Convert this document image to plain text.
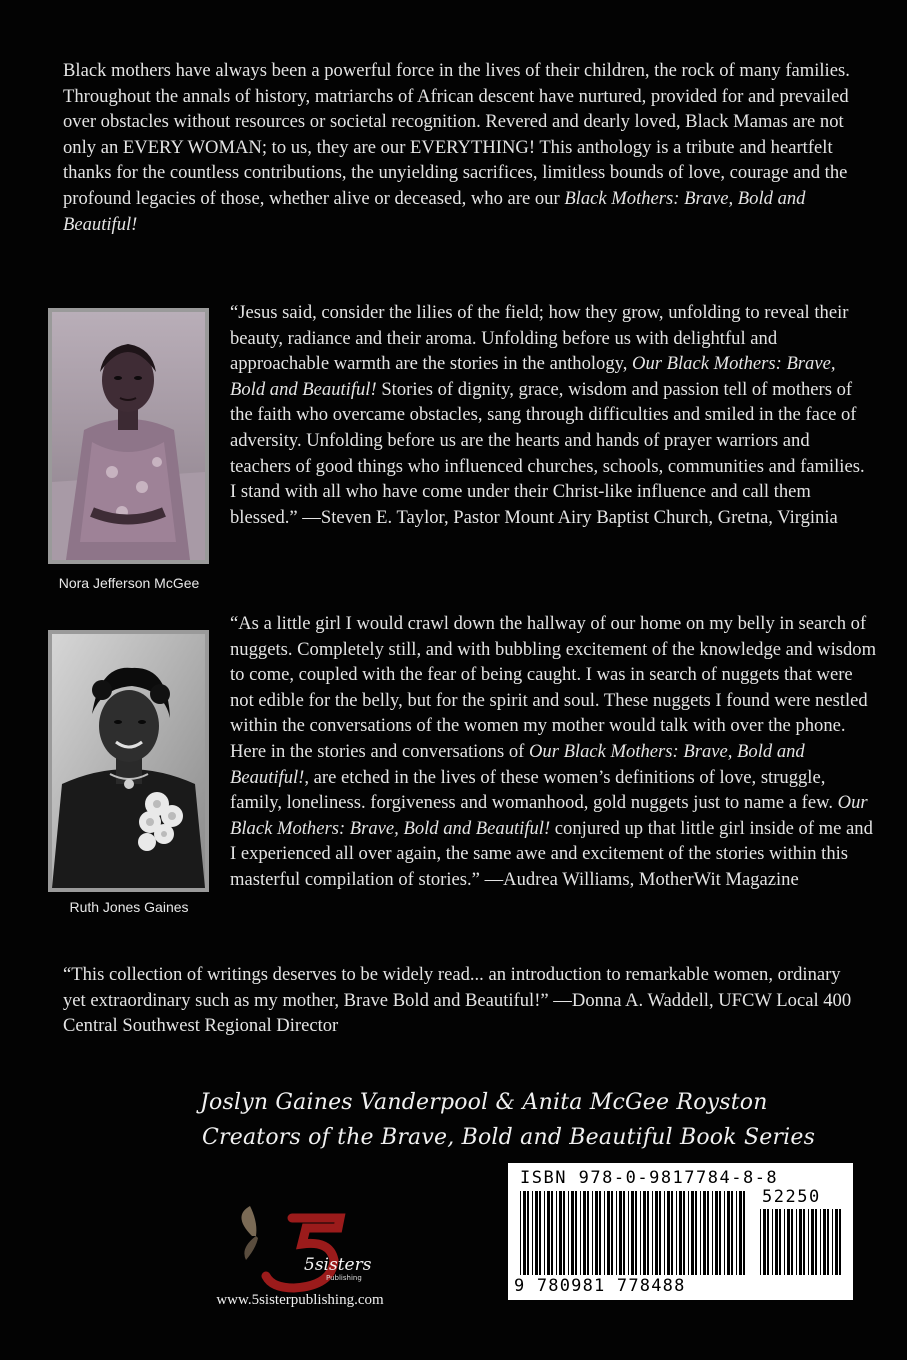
Black mothers have always been a powerful force in the lives of their children, the rock of many families. Throughout the annals of history, matriarchs of African descent have nurtured, provided for and prevailed over obstacles without resources or societal recognition. Revered and dearly loved, Black Mamas are not only an EVERY WOMAN; to us, they are our EVERYTHING! This anthology is a tribute and heartfelt thanks for the countless contributions, the unyielding sacrifices, limitless bounds of love, courage and the profound legacies of those, whether alive or deceased, who are our Black Mothers: Brave, Bold and Beautiful!

Nora Jefferson McGee

“Jesus said, consider the lilies of the field; how they grow, unfolding to reveal their beauty, radiance and their aroma. Unfolding before us with delightful and approachable warmth are the stories in the anthology, Our Black Mothers: Brave, Bold and Beautiful! Stories of dignity, grace, wisdom and passion tell of mothers of the faith who overcame obstacles, sang through difficulties and smiled in the face of adversity. Unfolding before us are the hearts and hands of prayer warriors and teachers of good things who influenced churches, schools, communities and families. I stand with all who have come under their Christ-like influence and call them blessed.” —Steven E. Taylor, Pastor Mount Airy Baptist Church, Gretna, Virginia

Ruth Jones Gaines

“As a little girl I would crawl down the hallway of our home on my belly in search of nuggets. Completely still, and with bubbling excitement of the knowledge and wisdom to come, coupled with the fear of being caught. I was in search of nuggets that were not edible for the belly, but for the spirit and soul. These nuggets I found were nestled within the conversations of the women my mother would talk with over the phone. Here in the stories and conversations of Our Black Mothers: Brave, Bold and Beautiful!, are etched in the lives of these women’s definitions of love, struggle, family, loneliness. forgiveness and womanhood, gold nuggets just to name a few. Our Black Mothers: Brave, Bold and Beautiful! conjured up that little girl inside of me and I experienced all over again, the same awe and excitement of the stories within this masterful compilation of stories.” —Audrea Williams, MotherWit Magazine

“This collection of writings deserves to be widely read... an introduction to remarkable women, ordinary yet extraordinary such as my mother, Brave Bold and Beautiful!” —Donna A. Waddell, UFCW Local 400 Central Southwest Regional Director

Joslyn Gaines Vanderpool & Anita McGee Royston
Creators of the Brave, Bold and Beautiful Book Series
5sisters
Publishing
www.5sisterpublishing.com
ISBN 978-0-9817784-8-8
52250
9 780981 778488
